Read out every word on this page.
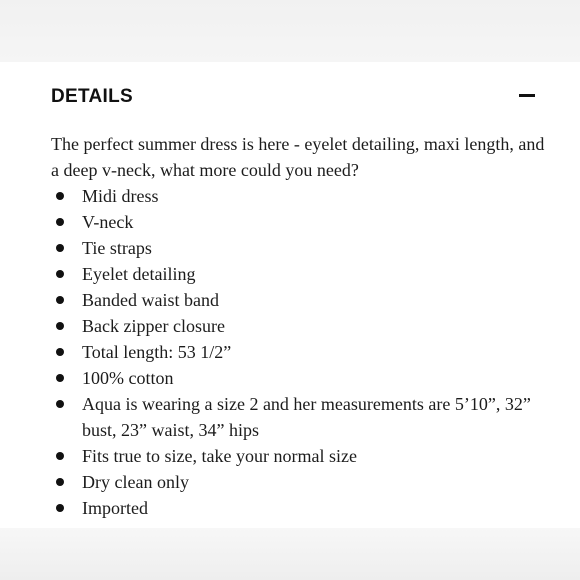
DETAILS

The perfect summer dress is here - eyelet detailing, maxi length, and a deep v-neck, what more could you need?

Midi dress
V-neck
Tie straps
Eyelet detailing
Banded waist band
Back zipper closure
Total length: 53 1/2”
100% cotton
Aqua is wearing a size 2 and her measurements are 5’10”, 32” bust, 23” waist, 34” hips
Fits true to size, take your normal size
Dry clean only
Imported
